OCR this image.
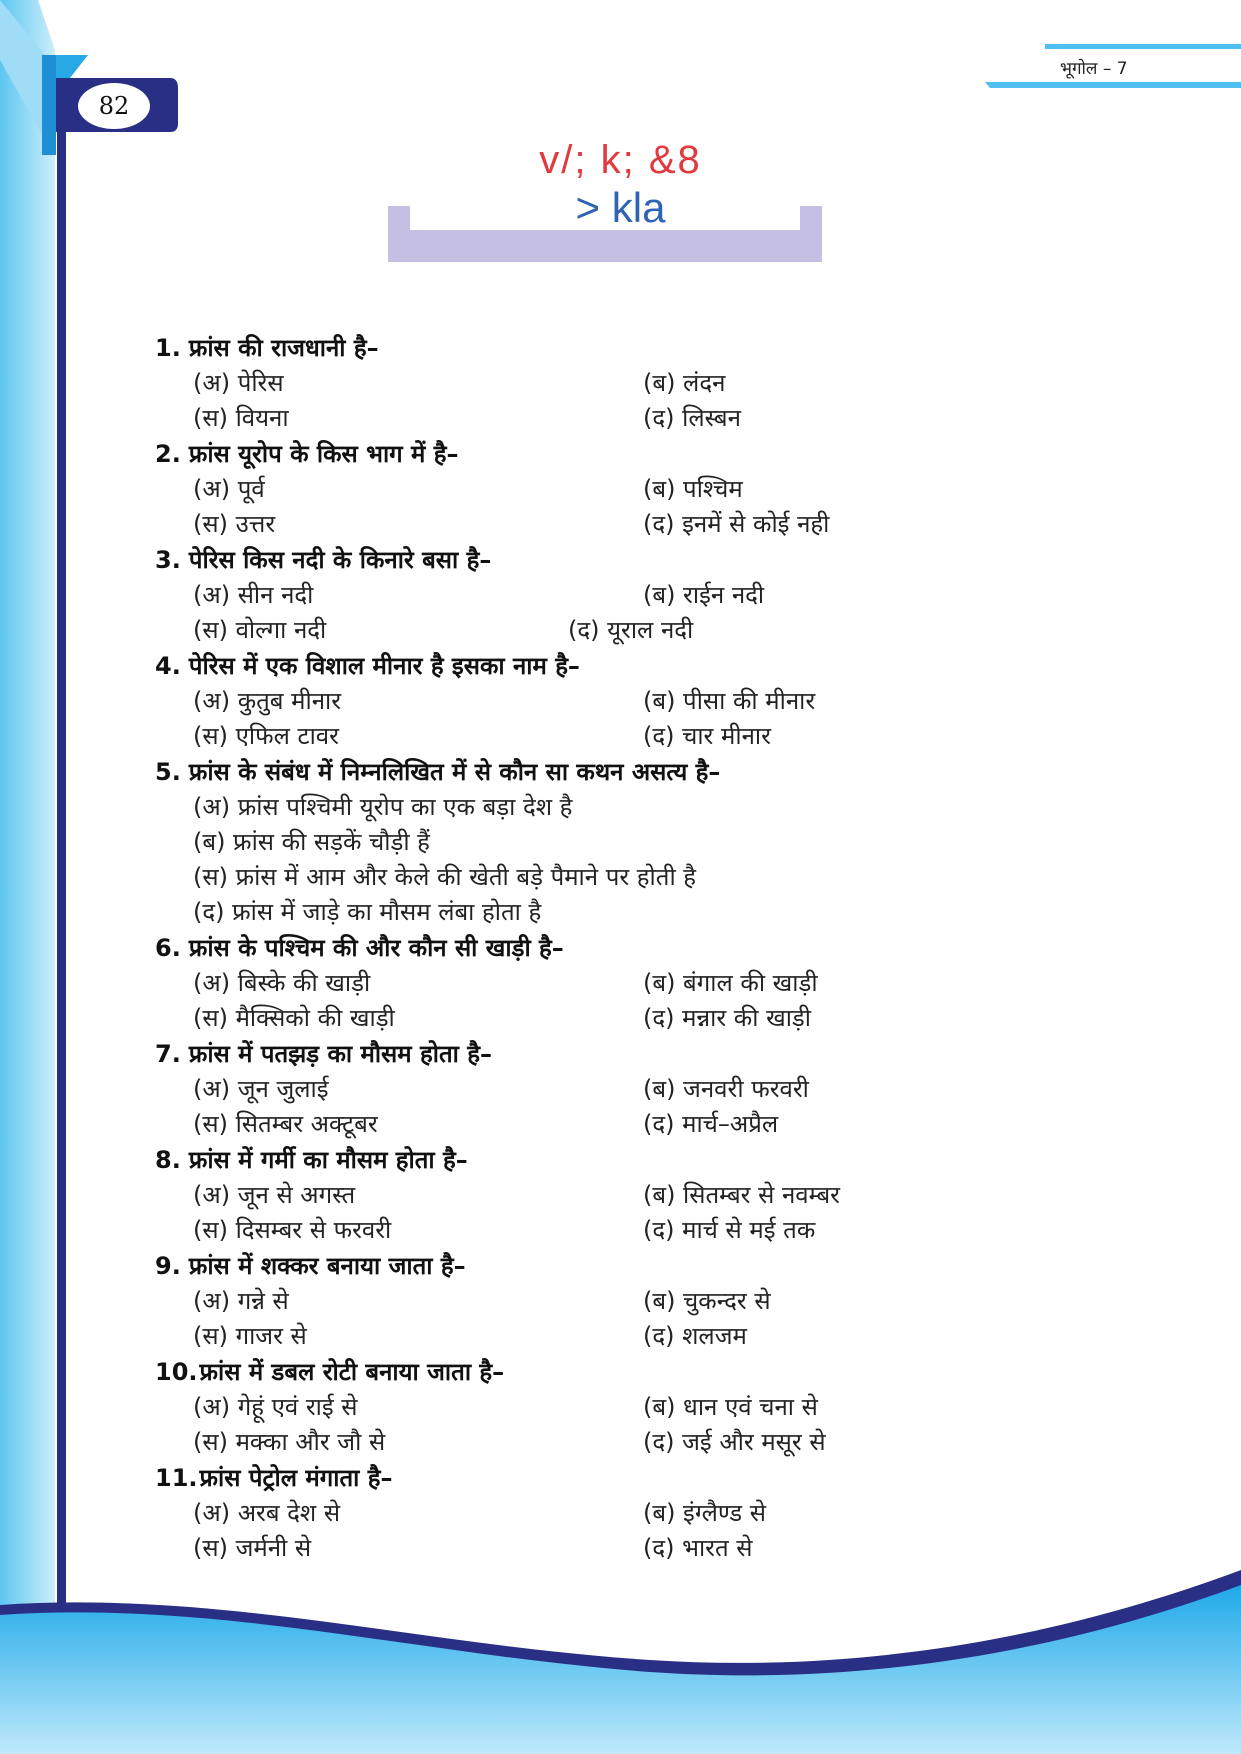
82
भूगोल – 7
v/; k; &8
> kla
1. फ्रांस की राजधानी है–
(अ) पेरिस	(ब) लंदन
(स) वियना	(द) लिस्बन
2. फ्रांस यूरोप के किस भाग में है–
(अ) पूर्व	(ब) पश्चिम
(स) उत्तर	(द) इनमें से कोई नही
3. पेरिस किस नदी के किनारे बसा है–
(अ) सीन नदी	(ब) राईन नदी
(स) वोल्गा नदी	(द) यूराल नदी
4. पेरिस में एक विशाल मीनार है इसका नाम है–
(अ) कुतुब मीनार	(ब) पीसा की मीनार
(स) एफिल टावर	(द) चार मीनार
5. फ्रांस के संबंध में निम्नलिखित में से कौन सा कथन असत्य है–
(अ) फ्रांस पश्चिमी यूरोप का एक बड़ा देश है
(ब) फ्रांस की सड़कें चौड़ी हैं
(स) फ्रांस में आम और केले की खेती बड़े पैमाने पर होती है
(द) फ्रांस में जाड़े का मौसम लंबा होता है
6. फ्रांस के पश्चिम की और कौन सी खाड़ी है–
(अ) बिस्के की खाड़ी	(ब) बंगाल की खाड़ी
(स) मैक्सिको की खाड़ी	(द) मन्नार की खाड़ी
7. फ्रांस में पतझड़ का मौसम होता है–
(अ) जून जुलाई	(ब) जनवरी फरवरी
(स) सितम्बर अक्टूबर	(द) मार्च–अप्रैल
8. फ्रांस में गर्मी का मौसम होता है–
(अ) जून से अगस्त	(ब) सितम्बर से नवम्बर
(स) दिसम्बर से फरवरी	(द) मार्च से मई तक
9. फ्रांस में शक्कर बनाया जाता है–
(अ) गन्ने से	(ब) चुकन्दर से
(स) गाजर से	(द) शलजम
10.फ्रांस में डबल रोटी बनाया जाता है–
(अ) गेहूं एवं राई से	(ब) धान एवं चना से
(स) मक्का और जौ से	(द) जई और मसूर से
11.फ्रांस पेट्रोल मंगाता है–
(अ) अरब देश से	(ब) इंग्लैण्ड से
(स) जर्मनी से	(द) भारत से
